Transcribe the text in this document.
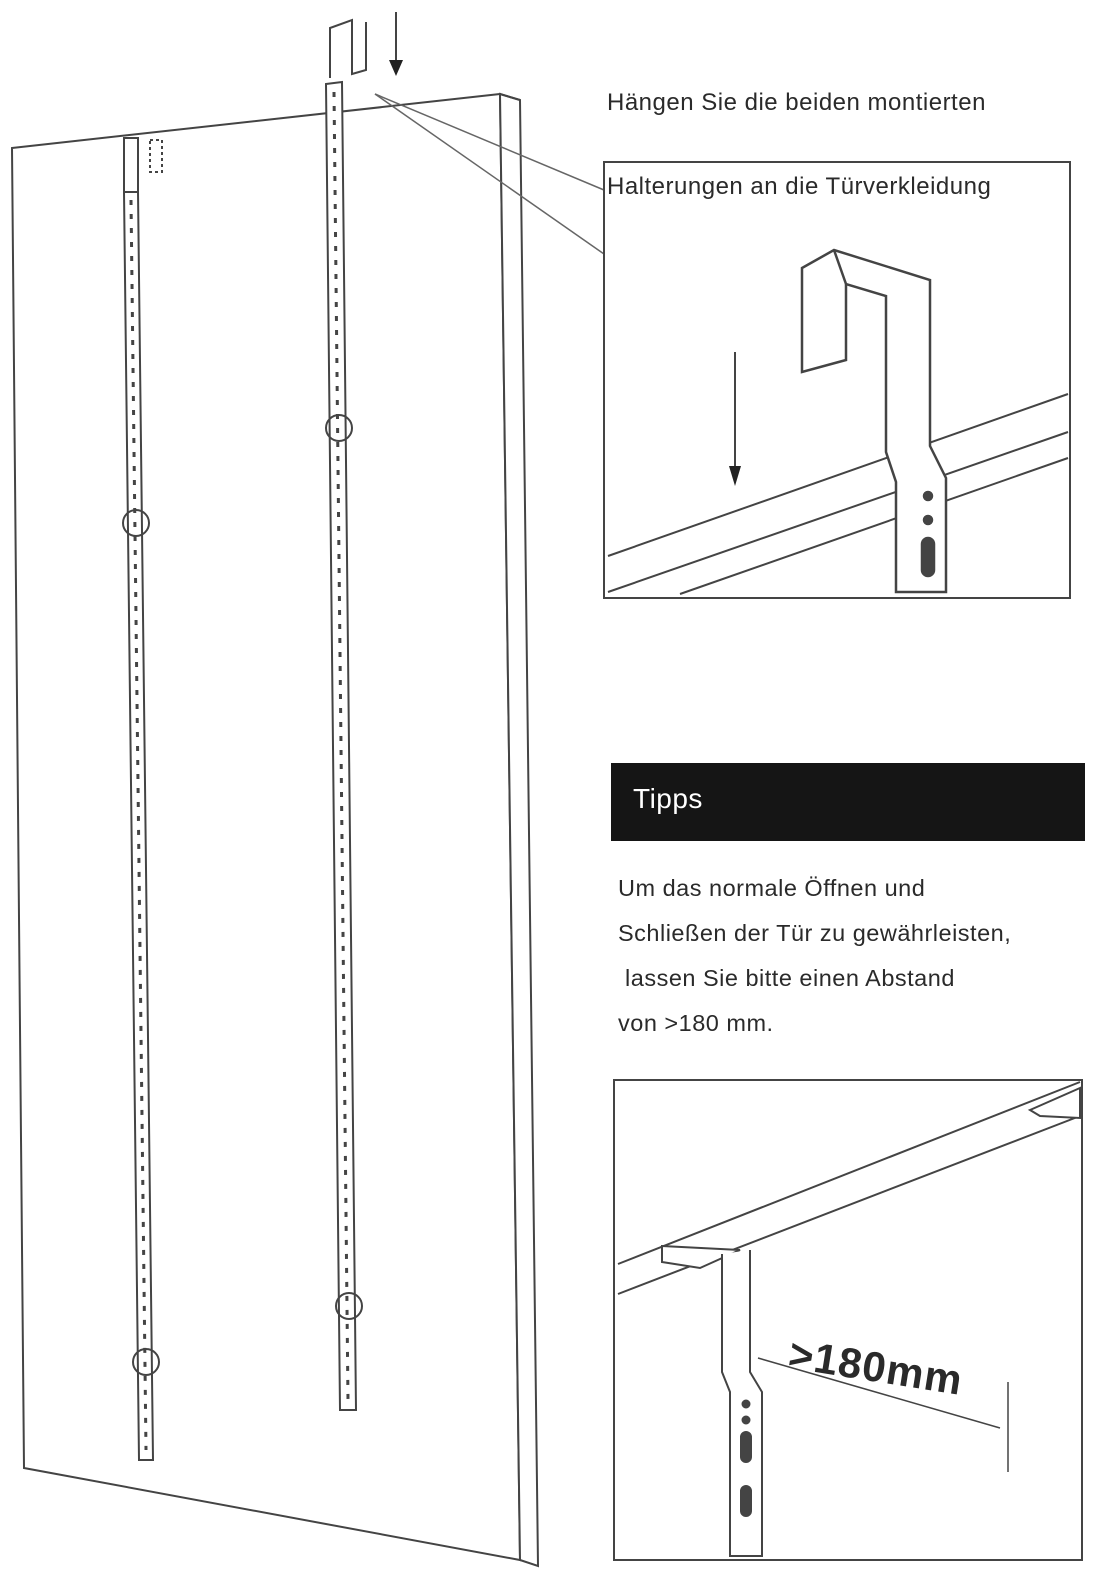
Hängen Sie die beiden montierten

Halterungen an die Türverkleidung

Tipps
Um das normale Öffnen und
Schließen der Tür zu gewährleisten,
lassen Sie bitte einen Abstand
von >180 mm.
>180mm
